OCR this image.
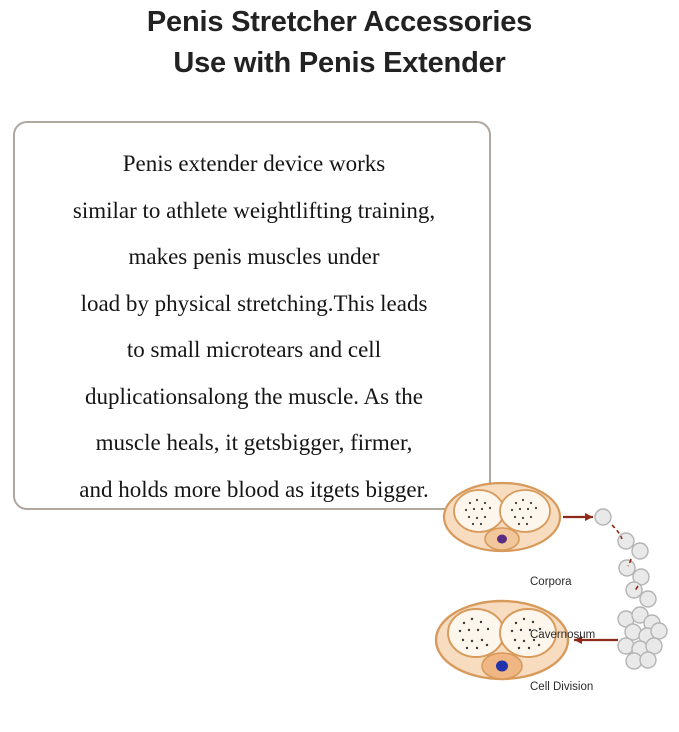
Penis Stretcher Accessories
Use with Penis Extender
Penis extender device works
similar to athlete weightlifting training,
makes penis muscles under
load by physical stretching.This leads
to small microtears and cell
duplicationsalong the muscle. As the
muscle heals, it getsbigger, firmer,
and holds more blood as itgets bigger.

Corpora

Cavernosum

Cell Division
